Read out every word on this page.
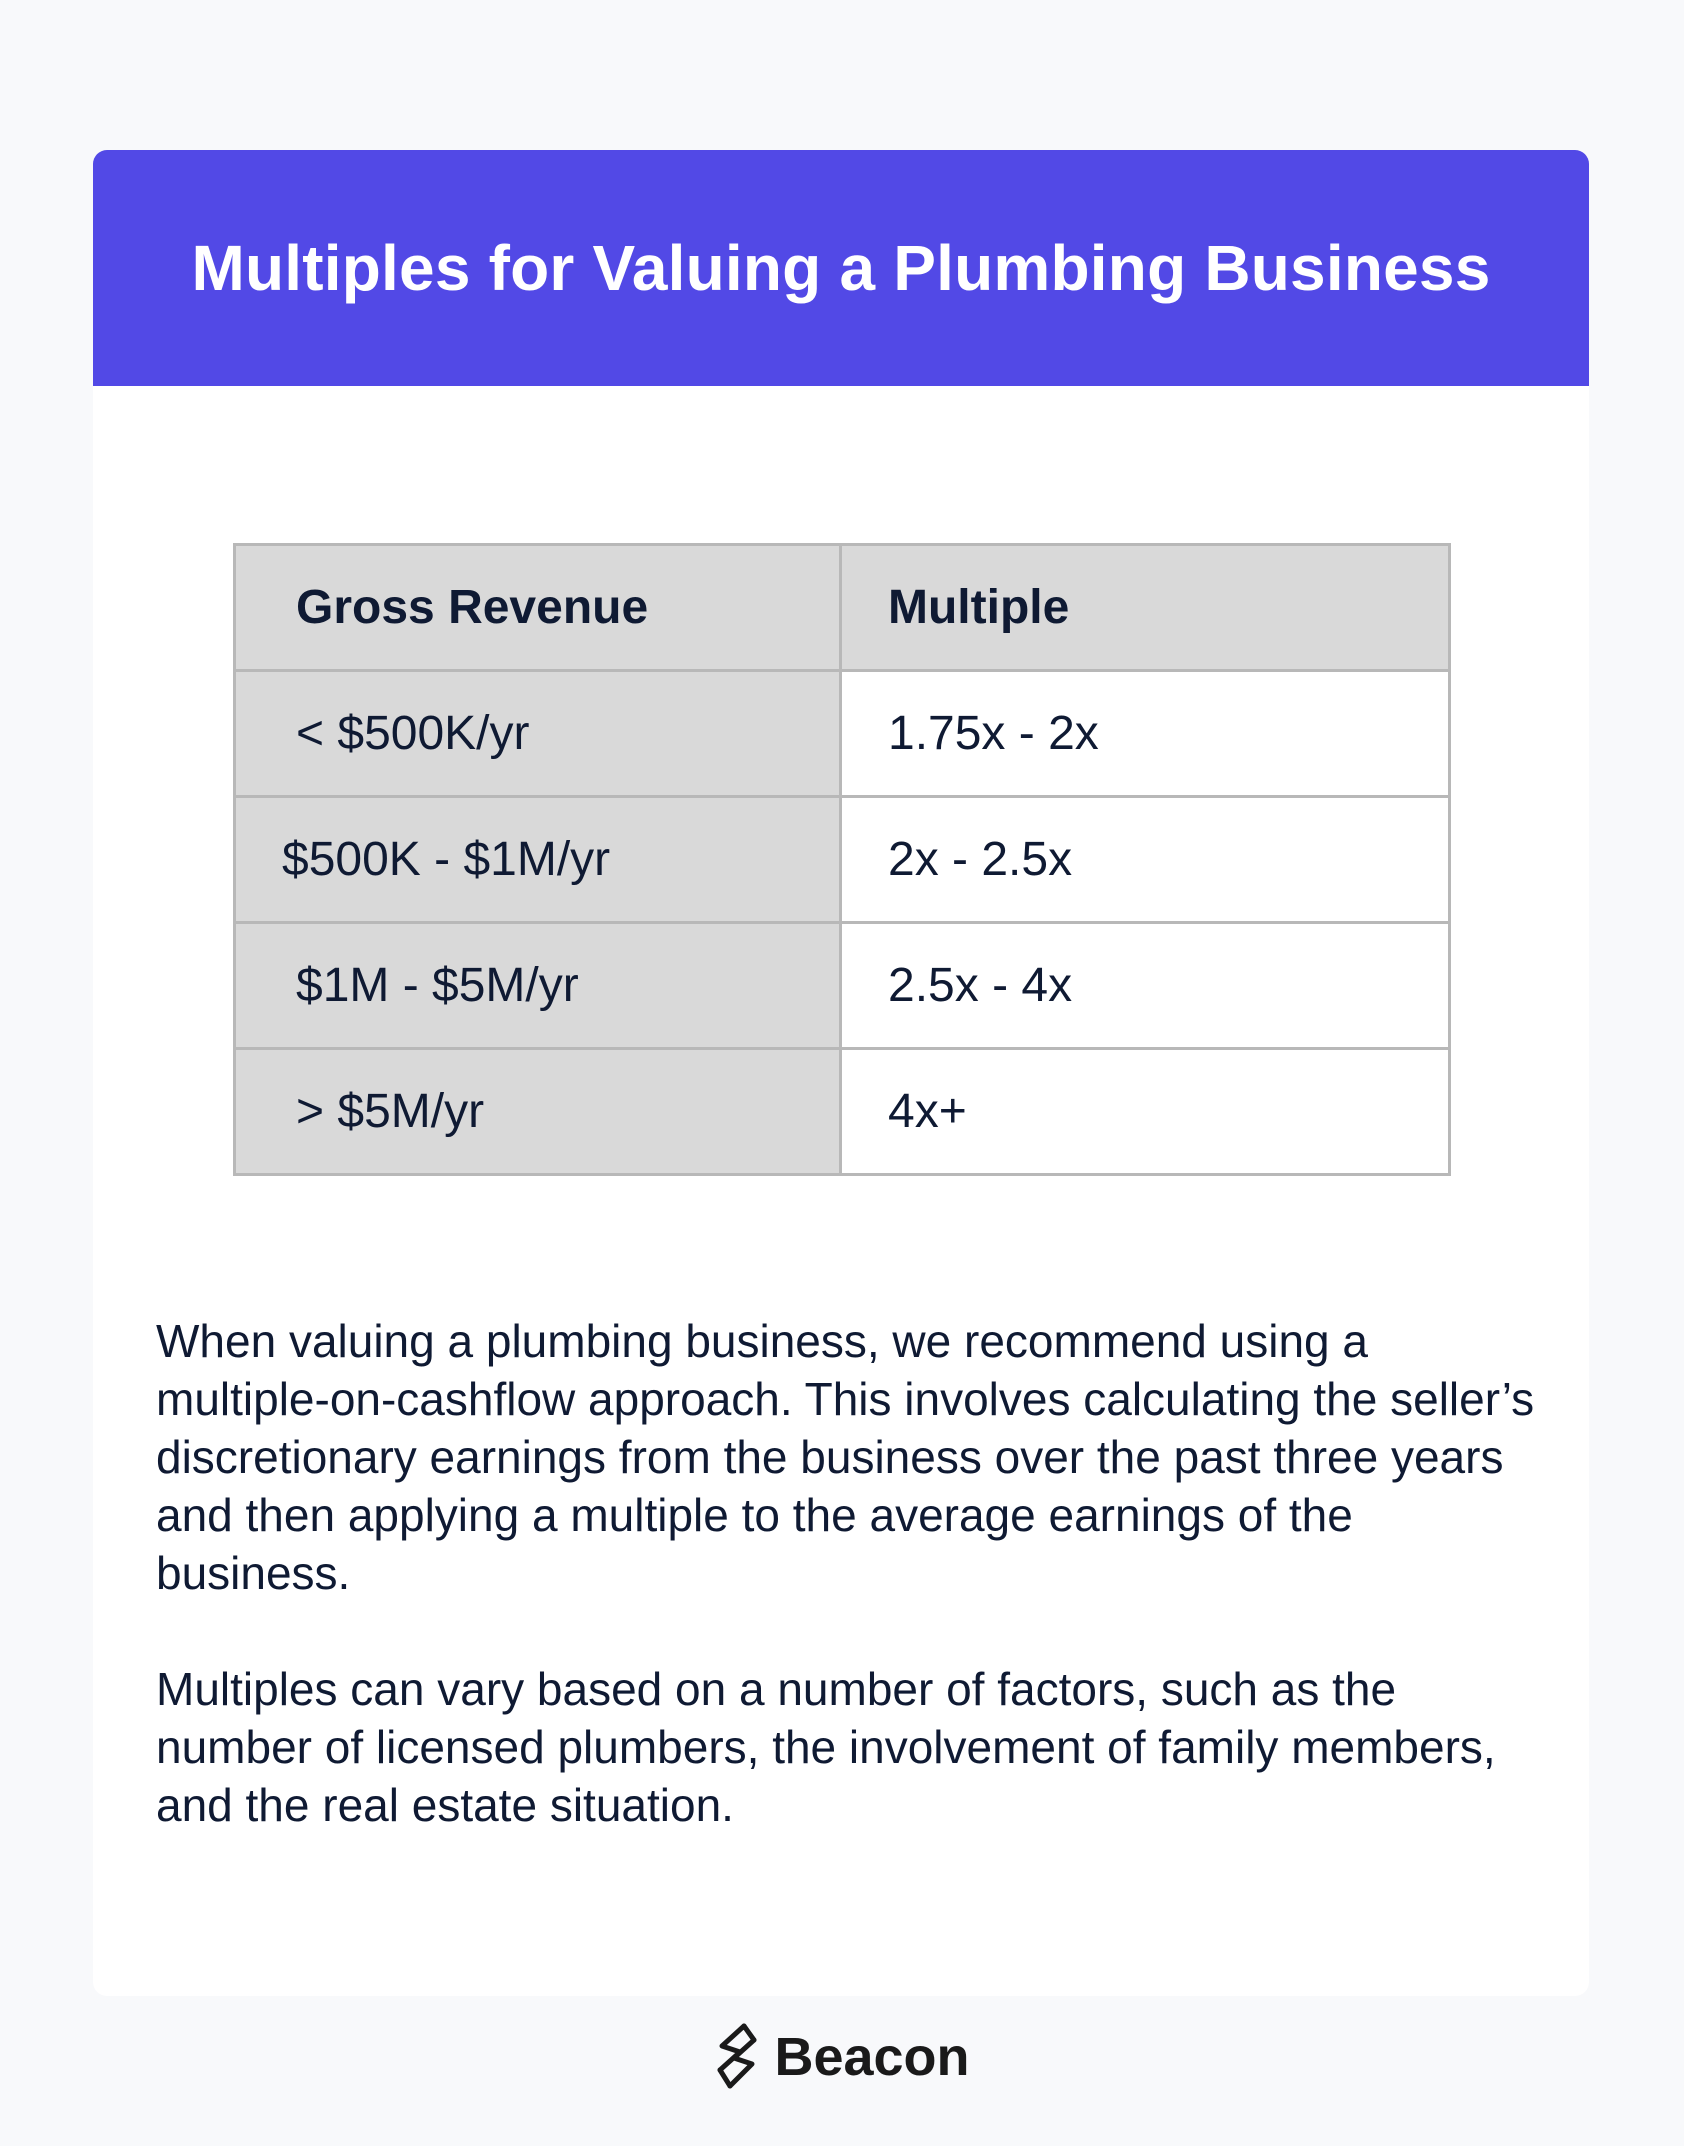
Multiples for Valuing a Plumbing Business
Gross Revenue	Multiple
< $500K/yr	1.75x - 2x
$500K - $1M/yr	2x - 2.5x
$1M - $5M/yr	2.5x - 4x
> $5M/yr	4x+

When valuing a plumbing business, we recommend using a multiple-on-cashflow approach. This involves calculating the seller’s discretionary earnings from the business over the past three years and then applying a multiple to the average earnings of the business.

Multiples can vary based on a number of factors, such as the number of licensed plumbers, the involvement of family members, and the real estate situation.

Beacon
